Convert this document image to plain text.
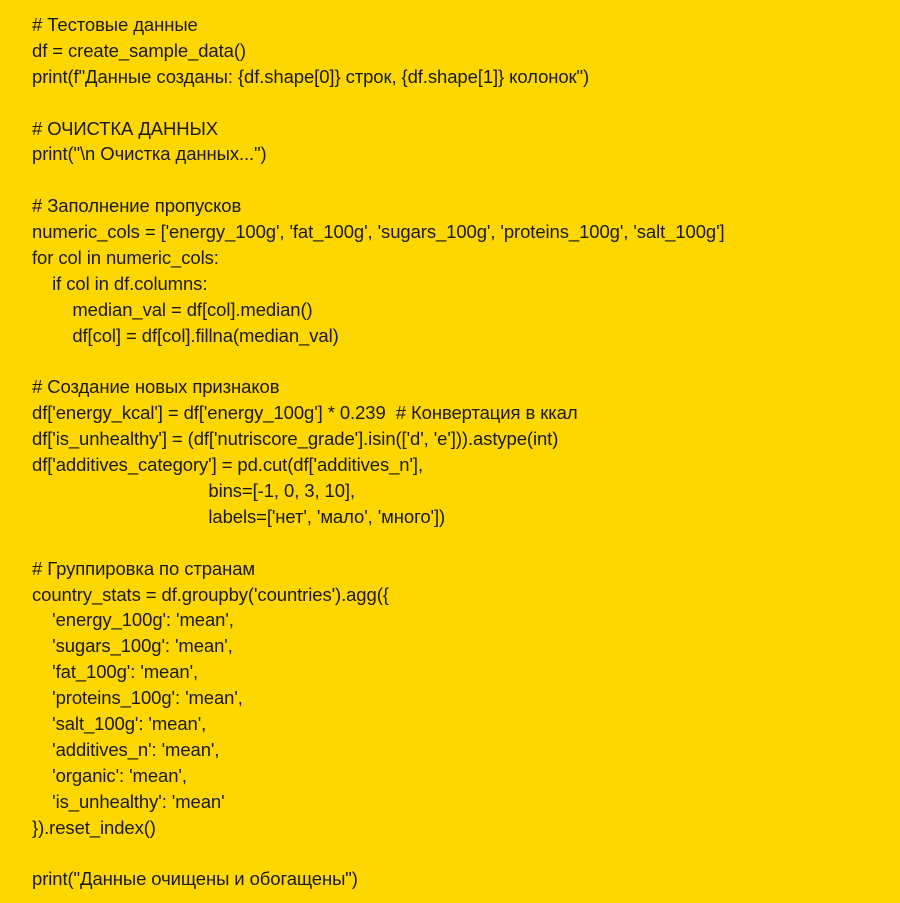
# Тестовые данные
df = create_sample_data()
print(f"Данные созданы: {df.shape[0]} строк, {df.shape[1]} колонок")
# ОЧИСТКА ДАННЫХ
print("\n Очистка данных...")
# Заполнение пропусков
numeric_cols = ['energy_100g', 'fat_100g', 'sugars_100g', 'proteins_100g', 'salt_100g']
for col in numeric_cols:
if col in df.columns:
median_val = df[col].median()
df[col] = df[col].fillna(median_val)
# Создание новых признаков
df['energy_kcal'] = df['energy_100g'] * 0.239  # Конвертация в ккал
df['is_unhealthy'] = (df['nutriscore_grade'].isin(['d', 'e'])).astype(int)
df['additives_category'] = pd.cut(df['additives_n'],
bins=[-1, 0, 3, 10],
labels=['нет', 'мало', 'много'])
# Группировка по странам
country_stats = df.groupby('countries').agg({
'energy_100g': 'mean',
'sugars_100g': 'mean',
'fat_100g': 'mean',
'proteins_100g': 'mean',
'salt_100g': 'mean',
'additives_n': 'mean',
'organic': 'mean',
'is_unhealthy': 'mean'
}).reset_index()
print("Данные очищены и обогащены")
